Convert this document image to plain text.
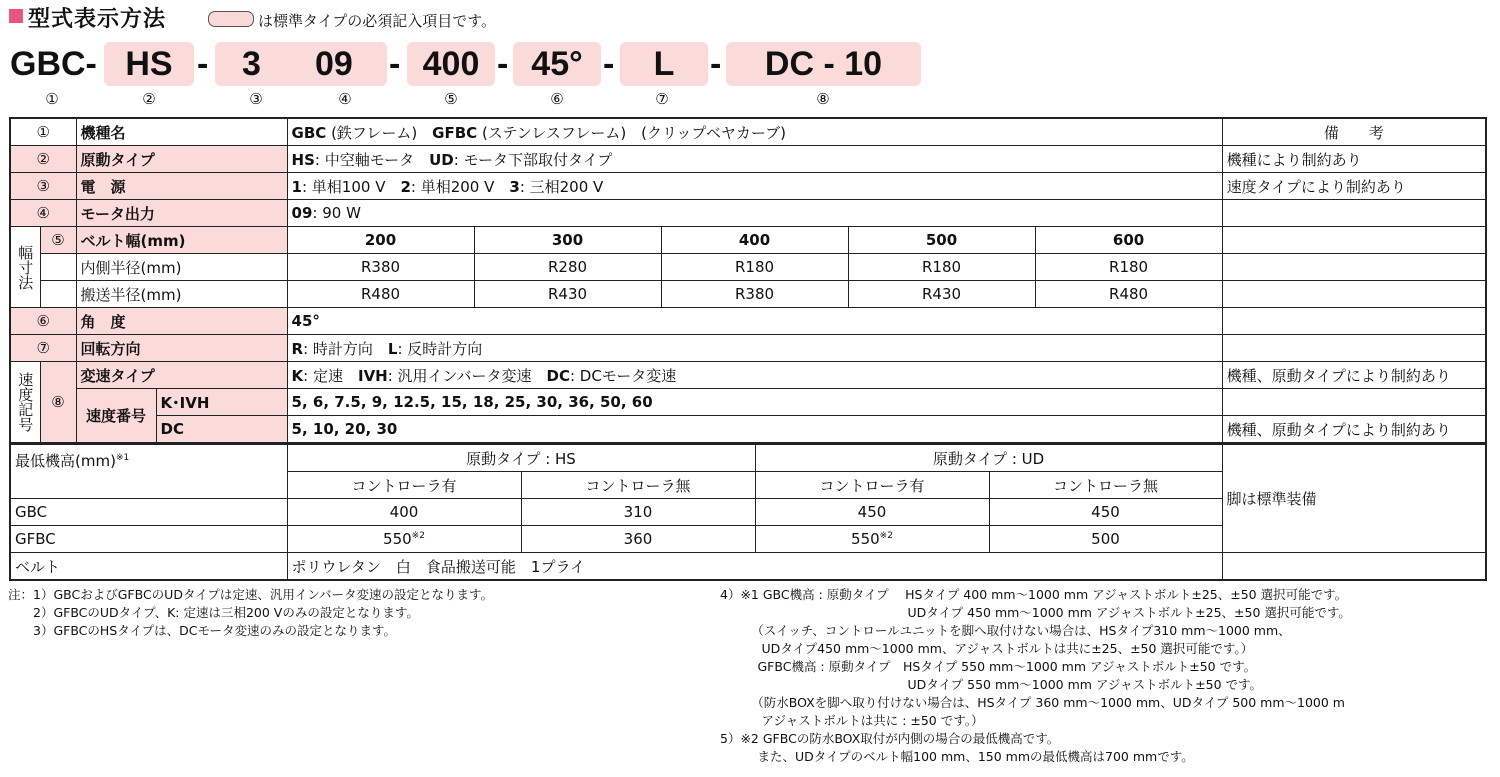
型式表示方法	は標準タイプの必須記入項目です。
GBC- HS - 3 09 - 400 - 45° -	L	-	DC - 10
①	②	③	④	⑤	⑥	⑦	⑧
①		機種名		GBC (鉄フレーム)　GFBC (ステンレスフレーム)　(クリップベヤカーブ)					備　　考
②		原動タイプ		HS: 中空軸モータ　UD: モータ下部取付タイプ					機種により制約あり
③		電　源		1: 単相100 V　2: 単相200 V　3: 三相200 V					速度タイプにより制約あり
④		モータ出力		09: 90 W					

幅寸法	⑤	ベルト幅(mm)		200	300	400	500	600	
		内側半径(mm)		R380	R280	R180	R180	R180	
		搬送半径(mm)		R480	R430	R380	R430	R480	
⑥		角　度		45°					
⑦		回転方向		R: 時計方向　L: 反時計方向					

速度記号	⑧	変速タイプ		K: 定速　IVH: 汎用インバータ変速　DC: DCモータ変速					機種、原動タイプにより制約あり
		速度番号	K･IVH	5, 6, 7.5, 9, 12.5, 15, 18, 25, 30, 36, 50, 60					
			DC	5, 10, 20, 30					機種、原動タイプにより制約あり
最低機高(mm)$^{※1}$	原動タイプ : HS		原動タイプ : UD		脚は標準装備
	コントローラ有	コントローラ無	コントローラ有	コントローラ無	
GBC	400	310	450	450	
GFBC	550$^{※2}$	360	550$^{※2}$	500	
ベルト	ポリウレタン　白　食品搬送可能　1プライ				
注：1）GBCおよびGFBCのUDタイプは定速、汎用インバータ変速の設定となります。
　　2）GFBCのUDタイプ、K: 定速は三相200 Vのみの設定となります。
　　3）GFBCのHSタイプは、DCモータ変速のみの設定となります。
4）※1 GBC機高 : 原動タイプ　 HSタイプ 400 mm～1000 mm アジャストボルト±25、±50 選択可能です。
　　　　　　　　　　　　　　　UDタイプ 450 mm～1000 mm アジャストボルト±25、±50 選択可能です。
　　　（スイッチ、コントロールユニットを脚へ取付けない場合は、HSタイプ310 mm～1000 mm、
　　　 UDタイプ450 mm～1000 mm、アジャストボルトは共に±25、±50 選択可能です。）
　　　GFBC機高 : 原動タイプ　HSタイプ 550 mm～1000 mm アジャストボルト±50 です。
　　　　　　　　　　　　　　　UDタイプ 550 mm～1000 mm アジャストボルト±50 です。
　　　（防水BOXを脚へ取り付けない場合は、HSタイプ 360 mm～1000 mm、UDタイプ 500 mm～1000 m
　　　 アジャストボルトは共に : ±50 です。）
5）※2 GFBCの防水BOX取付が内側の場合の最低機高です。
　　　また、UDタイプのベルト幅100 mm、150 mmの最低機高は700 mmです。
